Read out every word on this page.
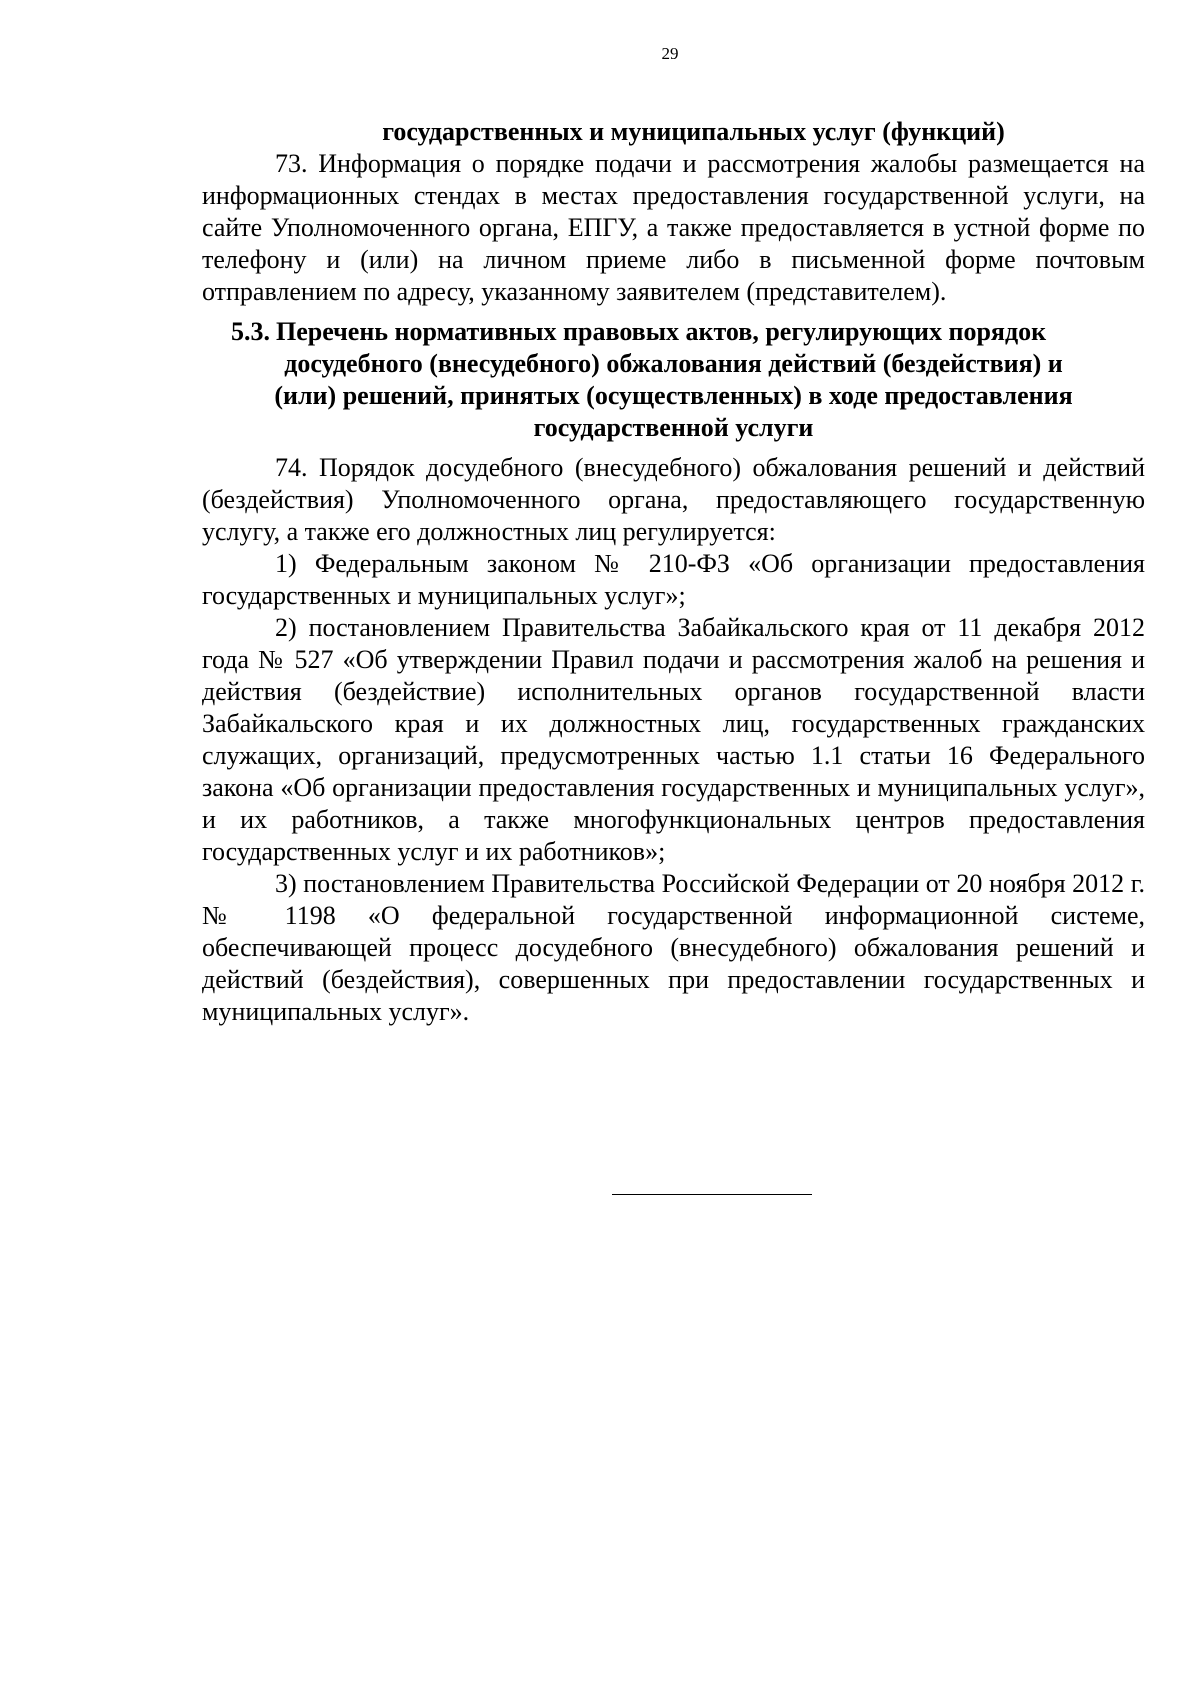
29
государственных и муниципальных услуг (функций)

73. Информация о порядке подачи и рассмотрения жалобы размещается на информационных стендах в местах предоставления государственной услуги, на сайте Уполномоченного органа, ЕПГУ, а также предоставляется в устной форме по телефону и (или) на личном приеме либо в письменной форме почтовым отправлением по адресу, указанному заявителем (представителем).

5.3. Перечень нормативных правовых актов, регулирующих порядок
досудебного (внесудебного) обжалования действий (бездействия) и
(или) решений, принятых (осуществленных) в ходе предоставления
государственной услуги

74. Порядок досудебного (внесудебного) обжалования решений и действий (бездействия) Уполномоченного органа, предоставляющего государственную услугу, а также его должностных лиц регулируется:

1) Федеральным законом № 210-ФЗ «Об организации предоставления государственных и муниципальных услуг»;

2) постановлением Правительства Забайкальского края от 11 декабря 2012 года № 527 «Об утверждении Правил подачи и рассмотрения жалоб на решения и действия (бездействие) исполнительных органов государственной власти Забайкальского края и их должностных лиц, государственных гражданских служащих, организаций, предусмотренных частью 1.1 статьи 16 Федерального закона «Об организации предоставления государственных и муниципальных услуг», и их работников, а также многофункциональных центров предоставления государственных услуг и их работников»;

3) постановлением Правительства Российской Федерации от 20 ноября 2012 г. № 1198 «О федеральной государственной информационной системе, обеспечивающей процесс досудебного (внесудебного) обжалования решений и действий (бездействия), совершенных при предоставлении государственных и муниципальных услуг».
